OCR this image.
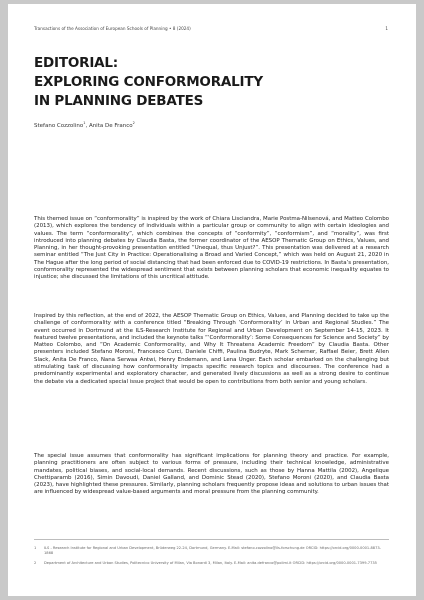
Transactions of the Association of European Schools of Planning • 8 (2024)	1
EDITORIAL:
EXPLORING CONFORMORALITY
IN PLANNING DEBATES
Stefano Cozzolino$^1$, Anita De Franco$^2$

This themed issue on “conformorality” is inspired by the work of Chiara Lisciandra, Marie Postma-Nilsenová, and Matteo Colombo (2013), which explores the tendency of individuals within a particular group or community to align with certain ideologies and values. The term “conformorality”, which combines the concepts of “conformity”, “conformism”, and “morality”, was first introduced into planning debates by Claudia Basta, the former coordinator of the AESOP Thematic Group on Ethics, Values, and Planning, in her thought-provoking presentation entitled “Unequal, thus Unjust?”. This presentation was delivered at a research seminar entitled “The Just City in Practice: Operationalising a Broad and Varied Concept,” which was held on August 21, 2020 in The Hague after the long period of social distancing that had been enforced due to COVID-19 restrictions. In Basta’s presentation, conformorality represented the widespread sentiment that exists between planning scholars that economic inequality equates to injustice; she discussed the limitations of this uncritical attitude.

Inspired by this reflection, at the end of 2022, the AESOP Thematic Group on Ethics, Values, and Planning decided to take up the challenge of conformorality with a conference titled “Breaking Through ‘Conformorality’ in Urban and Regional Studies.” The event occurred in Dortmund at the ILS-Research Institute for Regional and Urban Development on September 14-15, 2023. It featured twelve presentations, and included the keynote talks “‘Conformorality’: Some Consequences for Science and Society” by Matteo Colombo, and “On Academic Conformorality, and Why It Threatens Academic Freedom” by Claudia Basta. Other presenters included Stefano Moroni, Francesco Curci, Daniele Chiffi, Paulina Budryte, Mark Scherner, Raffael Beier, Brett Allen Slack, Anita De Franco, Nana Serwaa Antwi, Henry Endemann, and Lena Unger. Each scholar embarked on the challenging but stimulating task of discussing how conformorality impacts specific research topics and discourses. The conference had a predominantly experimental and exploratory character, and generated lively discussions as well as a strong desire to continue the debate via a dedicated special issue project that would be open to contributions from both senior and young scholars.

The special issue assumes that conformorality has significant implications for planning theory and practice. For example, planning practitioners are often subject to various forms of pressure, including their technical knowledge, administrative mandates, political biases, and social-local demands. Recent discussions, such as those by Hanna Mattila (2002), Angelique Chettiparamb (2016), Simin Davoudi, Daniel Galland, and Dominic Stead (2020), Stefano Moroni (2020), and Claudia Basta (2023), have highlighted these pressures. Similarly, planning scholars frequently propose ideas and solutions to urban issues that are influenced by widespread value-based arguments and moral pressure from the planning community.

1	ILS - Research Institute for Regional and Urban Development, Brüderweg 22-24, Dortmund, Germany. E-Mail: stefano.cozzolino@ils-forschung.de ORCID: https://orcid.org/0000-0001-8873-1868
2	Department of Architecture and Urban Studies, Politecnico University of Milan, Via Bonardi 3, Milan, Italy. E-Mail: anita.defranco@polimi.it ORCID: https://orcid.org/0000-0001-7399-7735
